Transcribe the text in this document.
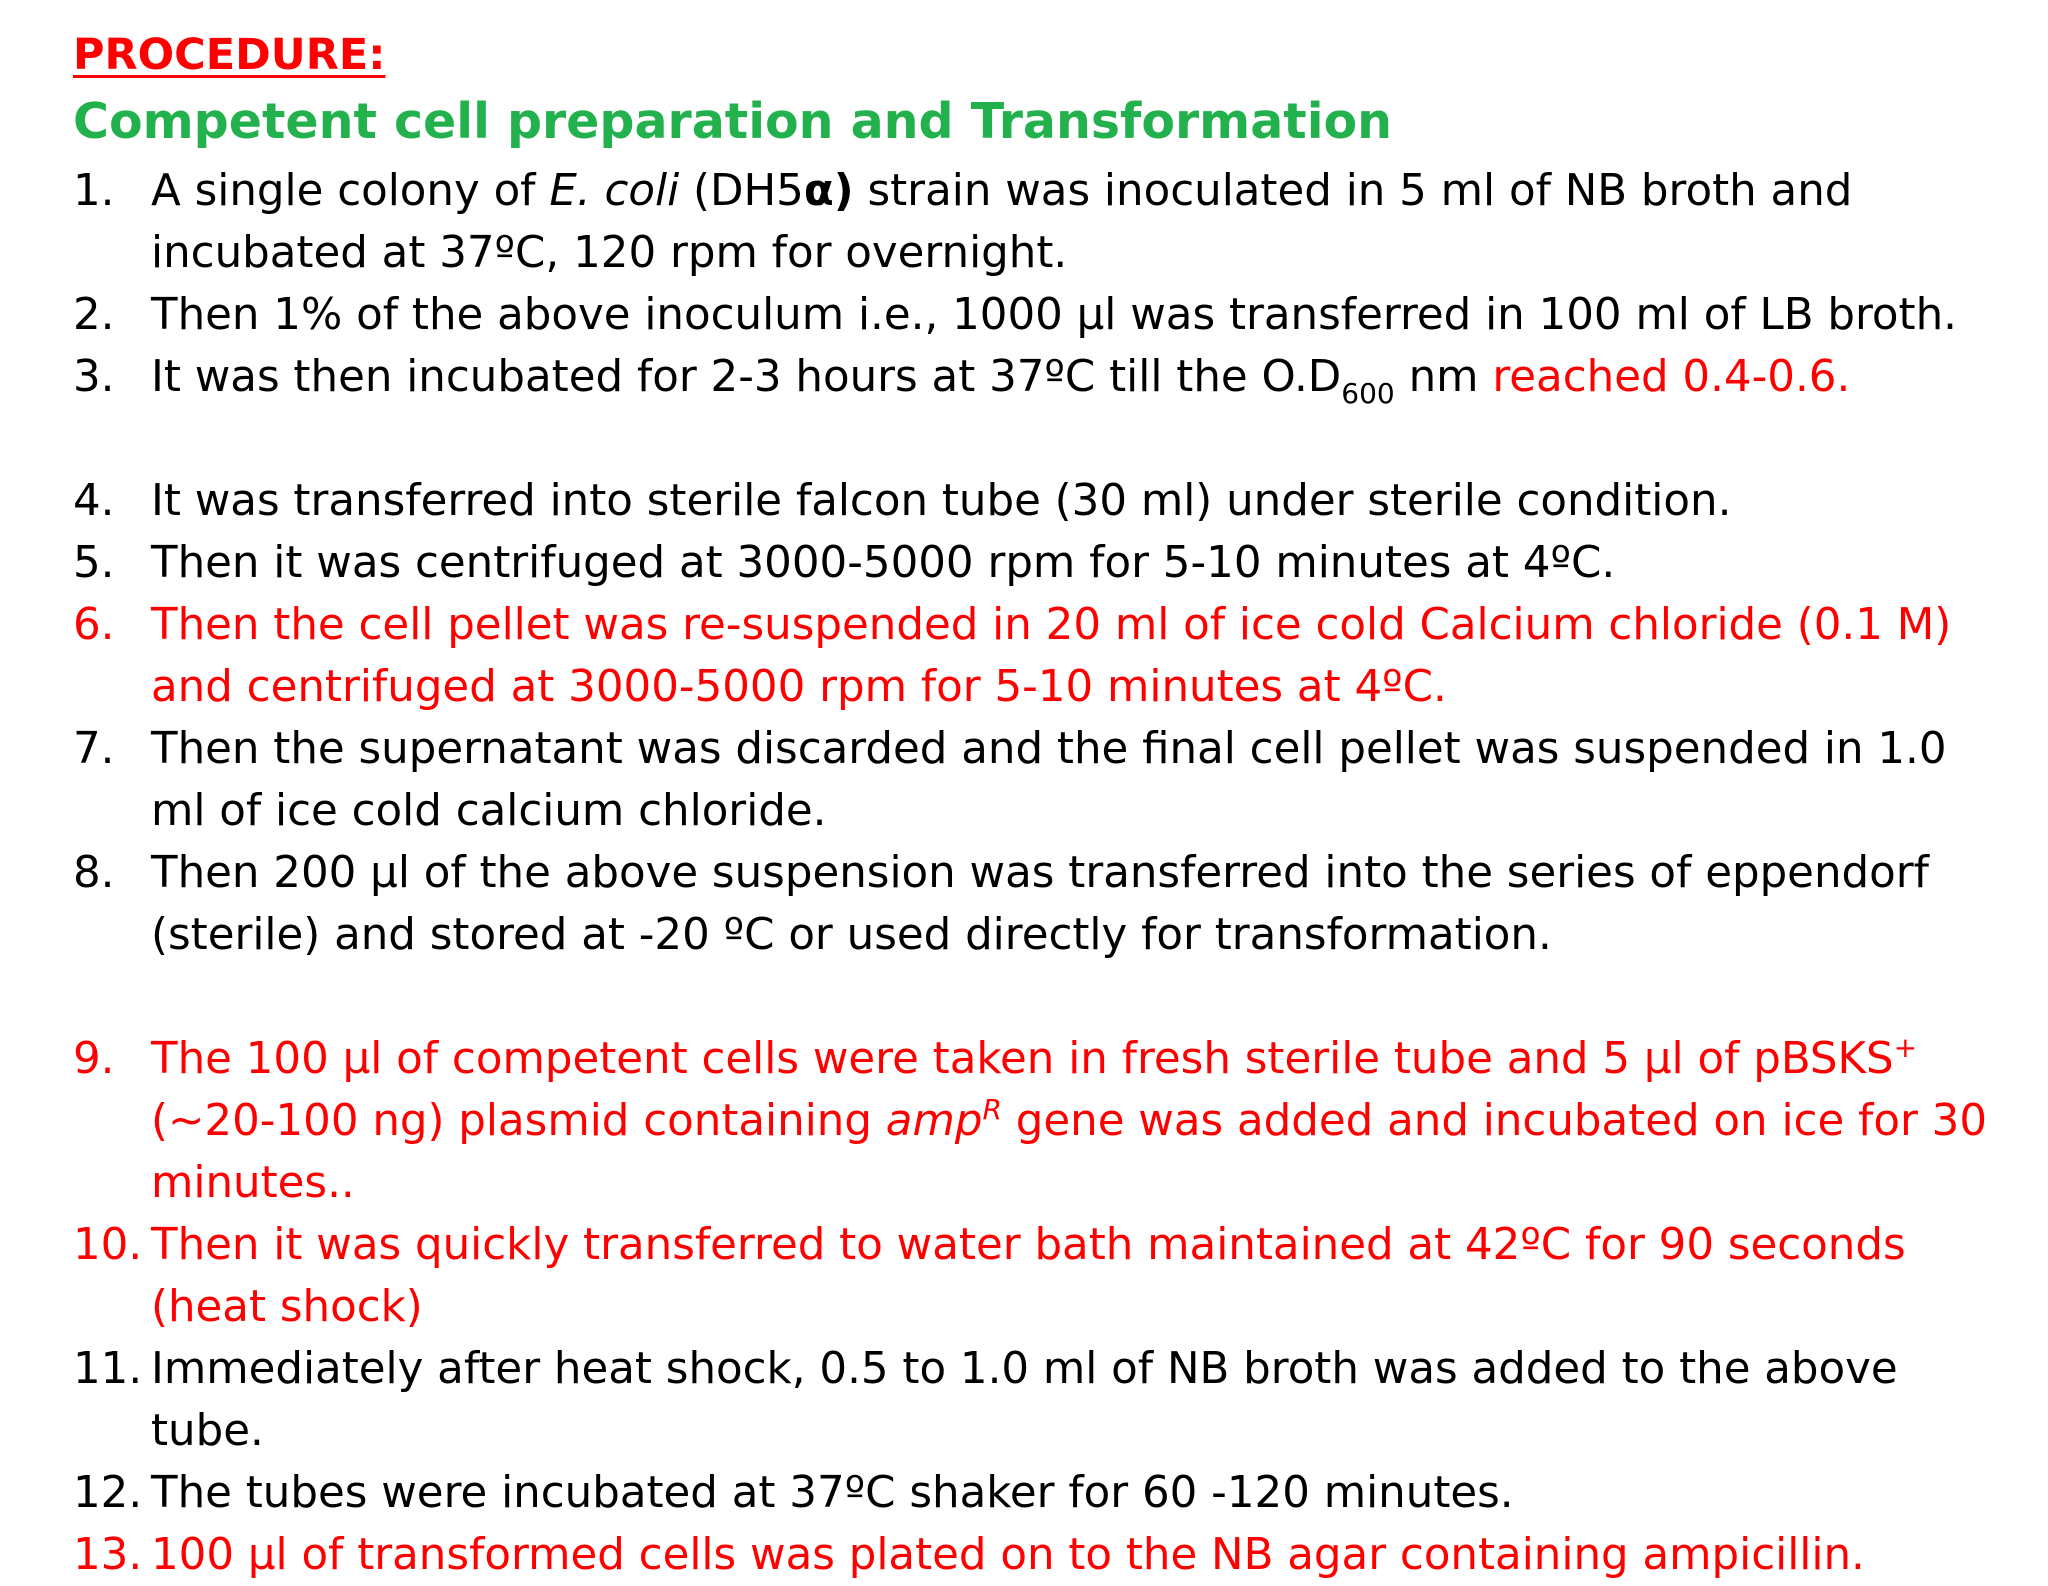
PROCEDURE:
Competent cell preparation and Transformation
1. A single colony of E. coli (DH5α) strain was inoculated in 5 ml of NB broth and incubated at 37ºC, 120 rpm for overnight.
2. Then 1% of the above inoculum i.e., 1000 µl was transferred in 100 ml of LB broth.
3. It was then incubated for 2-3 hours at 37ºC till the $O.D_{600}$ nm reached 0.4-0.6.
4. It was transferred into sterile falcon tube (30 ml) under sterile condition.
5. Then it was centrifuged at 3000-5000 rpm for 5-10 minutes at 4ºC.
6. Then the cell pellet was re-suspended in 20 ml of ice cold Calcium chloride (0.1 M) and centrifuged at 3000-5000 rpm for 5-10 minutes at 4ºC.
7. Then the supernatant was discarded and the final cell pellet was suspended in 1.0 ml of ice cold calcium chloride.
8. Then 200 µl of the above suspension was transferred into the series of eppendorf (sterile) and stored at -20 ºC or used directly for transformation.
9. The 100 µl of competent cells were taken in fresh sterile tube and 5 µl of pBSKS+ (~20-100 ng) plasmid containing amp$^R$ gene was added and incubated on ice for 30 minutes..
10. Then it was quickly transferred to water bath maintained at 42ºC for 90 seconds (heat shock)
11. Immediately after heat shock, 0.5 to 1.0 ml of NB broth was added to the above tube.
12. The tubes were incubated at 37ºC shaker for 60 -120 minutes.
13. 100 µl of transformed cells was plated on to the NB agar containing ampicillin.
